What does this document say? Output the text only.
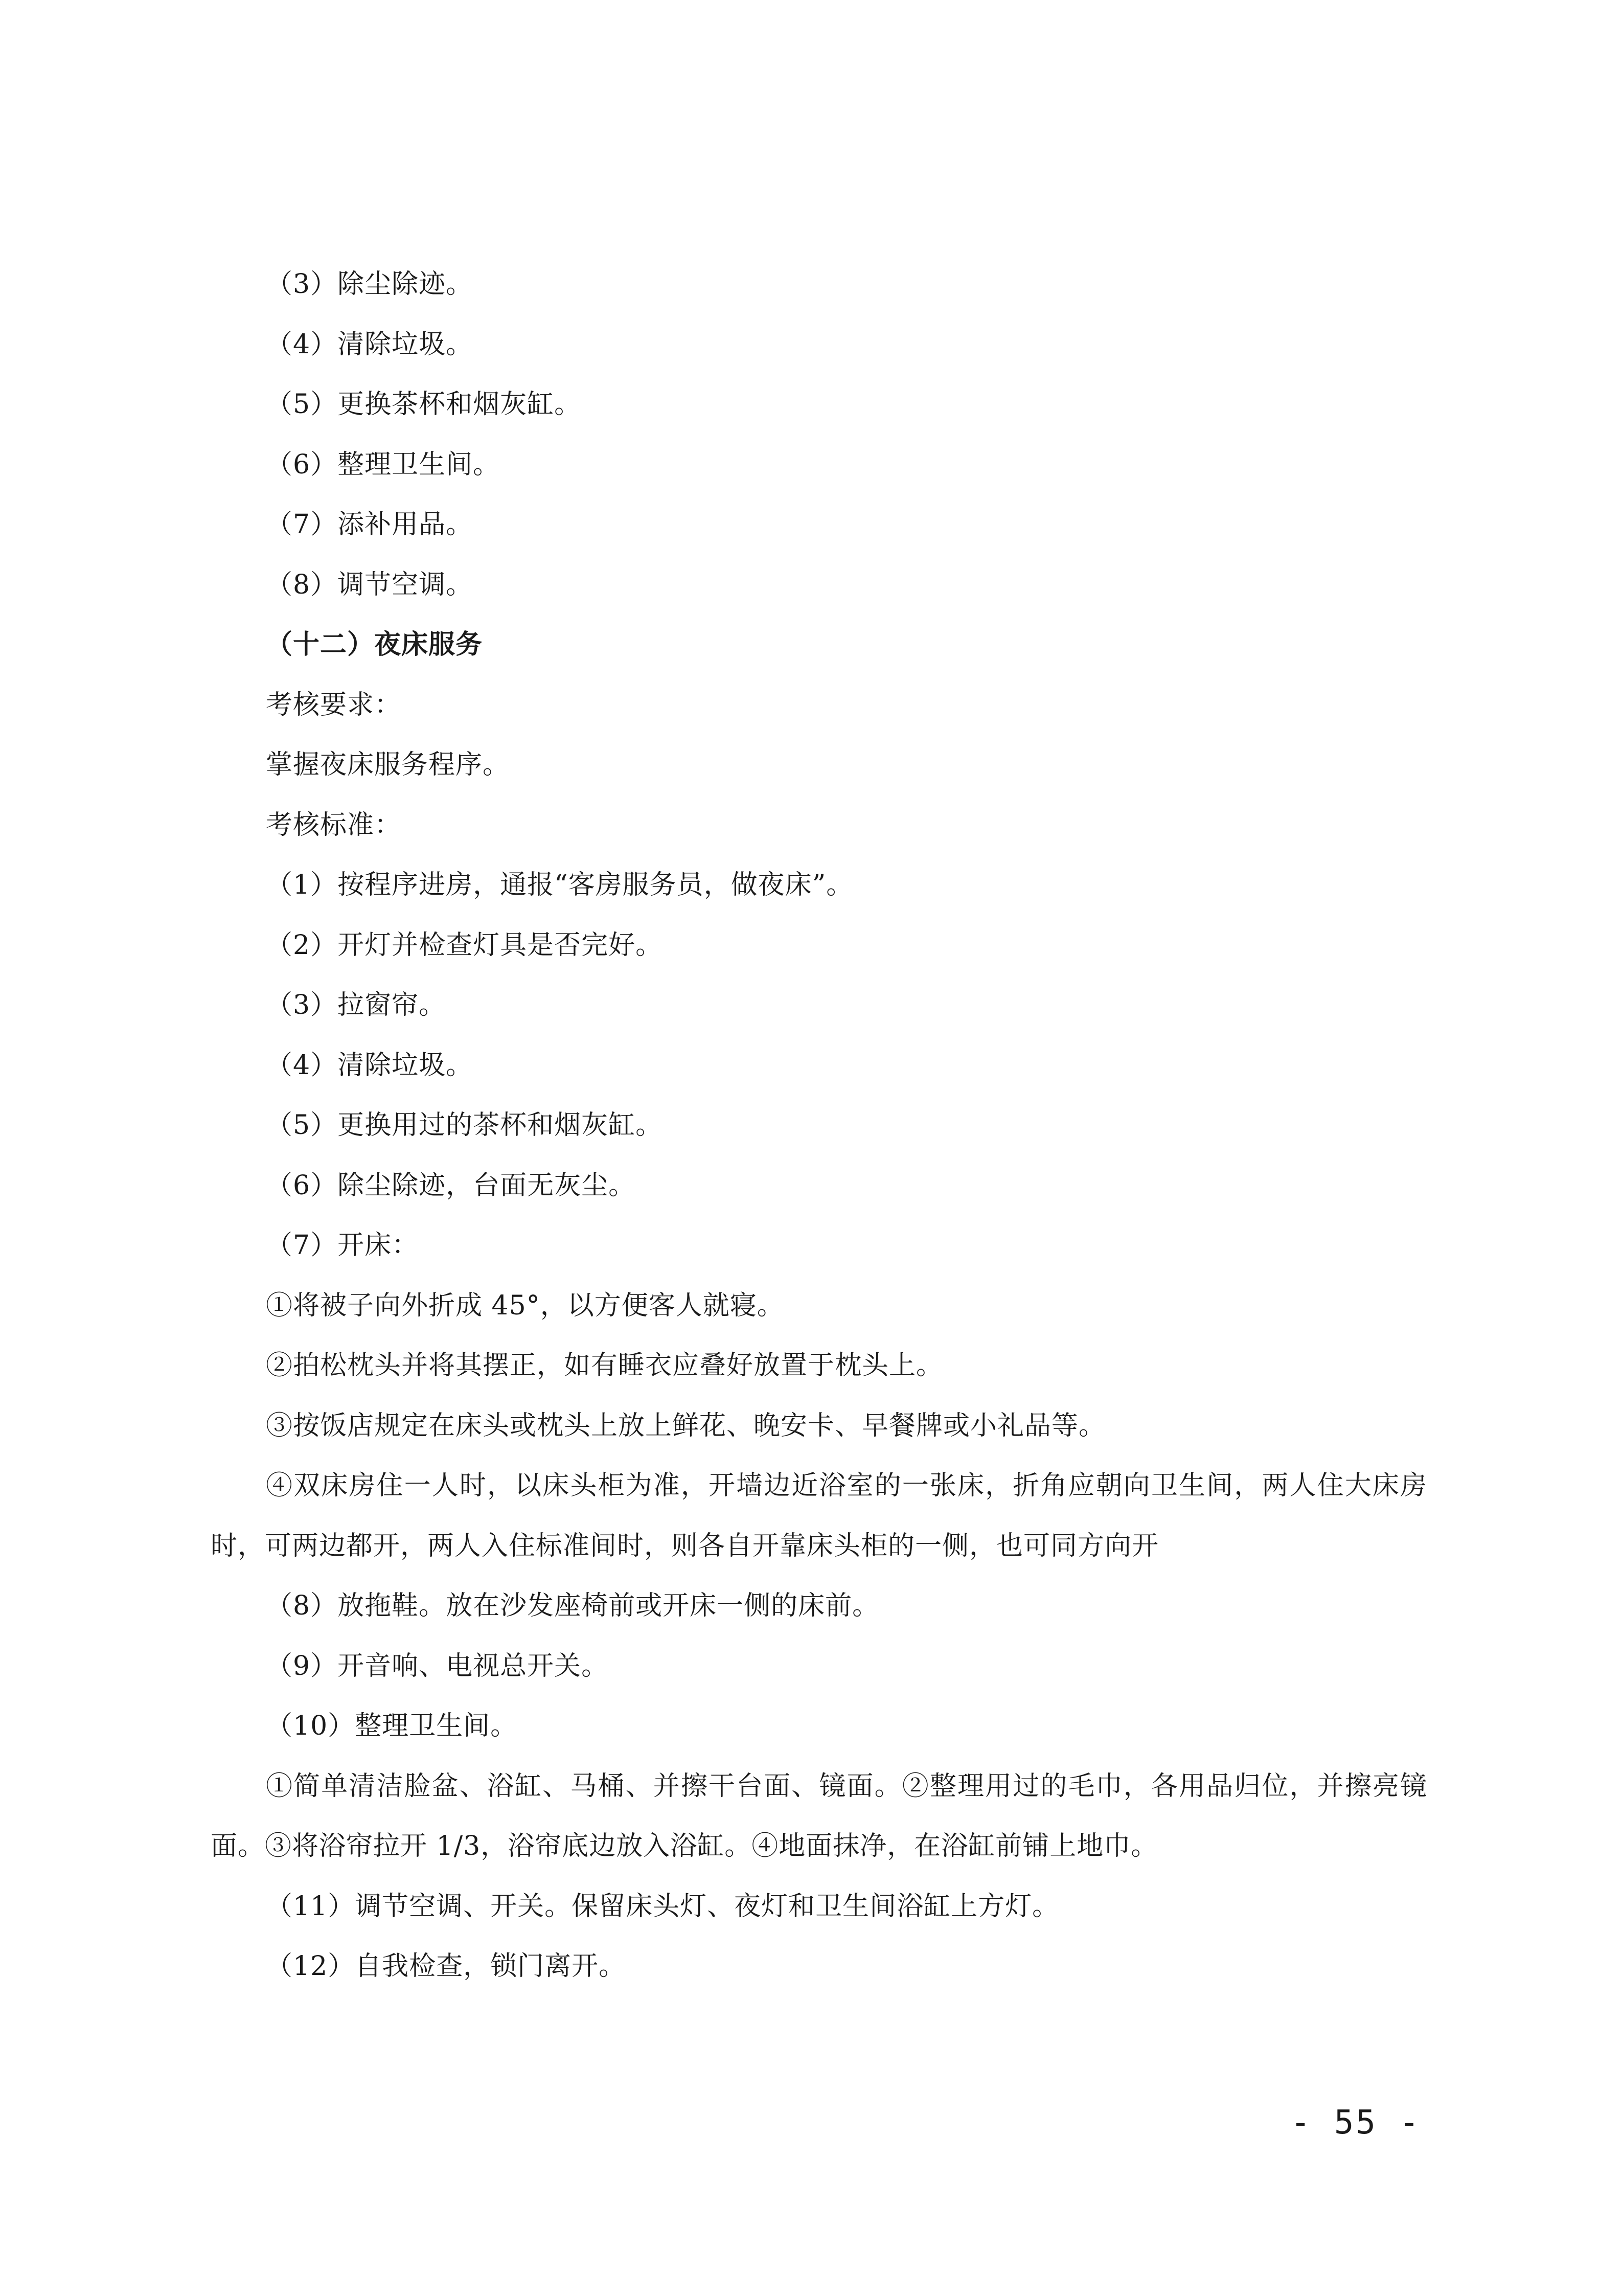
（3）除尘除迹。
（4）清除垃圾。
（5）更换茶杯和烟灰缸。
（6）整理卫生间。
（7）添补用品。
（8）调节空调。
（十二）夜床服务
考核要求：
掌握夜床服务程序。
考核标准：
（1）按程序进房，通报“客房服务员，做夜床”。
（2）开灯并检查灯具是否完好。
（3）拉窗帘。
（4）清除垃圾。
（5）更换用过的茶杯和烟灰缸。
（6）除尘除迹，台面无灰尘。
（7）开床：
①将被子向外折成 45°，以方便客人就寝。
②拍松枕头并将其摆正，如有睡衣应叠好放置于枕头上。
③按饭店规定在床头或枕头上放上鲜花、晚安卡、早餐牌或小礼品等。
④双床房住一人时，以床头柜为准，开墙边近浴室的一张床，折角应朝向卫生间，两人住大床房时，可两边都开，两人入住标准间时，则各自开靠床头柜的一侧，也可同方向开
（8）放拖鞋。放在沙发座椅前或开床一侧的床前。
（9）开音响、电视总开关。
（10）整理卫生间。
①简单清洁脸盆、浴缸、马桶、并擦干台面、镜面。②整理用过的毛巾，各用品归位，并擦亮镜面。③将浴帘拉开 1/3，浴帘底边放入浴缸。④地面抹净，在浴缸前铺上地巾。
（11）调节空调、开关。保留床头灯、夜灯和卫生间浴缸上方灯。
（12）自我检查，锁门离开。
- 55 -
